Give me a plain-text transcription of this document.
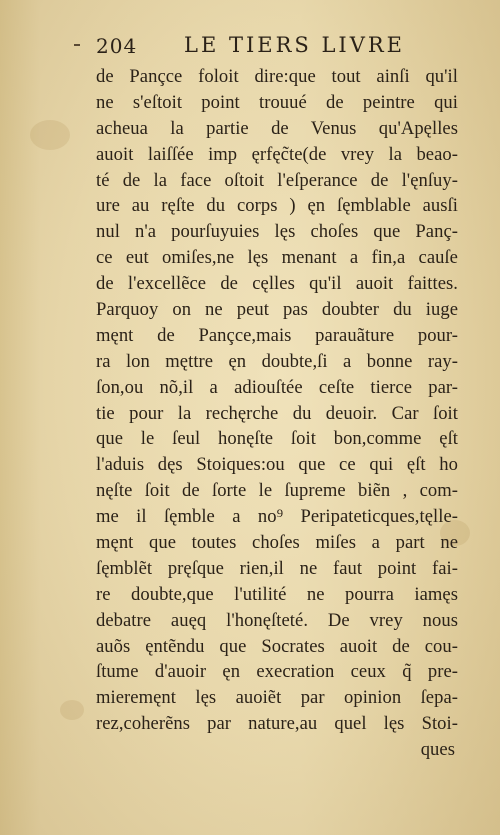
204 LE TIERS LIVRE
de Pançce foloit dire:que tout ainſi qu'il
ne s'eſtoit point trouué de peintre qui
acheua la partie de Venus qu'Apęlles
auoit laiſſée imp ęrfęc̃te(de vrey la beao-
té de la face oſtoit l'eſperance de l'ęnſuy-
ure au ręſte du corps ) ęn ſęmblable ausſi
nul n'a pourſuyuies lęs choſes que Panç-
ce eut omiſes,ne lęs menant a fin,a cauſe
de l'excellẽce de cęlles qu'il auoit faittes.
Parquoy on ne peut pas doubter du iuge
męnt de Pançce,mais parauãture pour-
ra lon męttre ęn doubte,ſi a bonne ray-
ſon,ou nõ,il a adiouſtée ceſte tierce par-
tie pour la rechęrche du deuoir. Car ſoit
que le ſeul honęſte ſoit bon,comme ęſt
l'aduis dęs Stoiques:ou que ce qui ęſt ho
nęſte ſoit de ſorte le ſupreme biẽn , com-
me il ſęmble a no⁹ Peripateticques,tęlle-
męnt que toutes choſes miſes a part ne
ſęmblẽt pręſque rien,il ne faut point fai-
re doubte,que l'utilité ne pourra iamęs
debatre auęq l'honęſteté. De vrey nous
auõs ęntẽndu que Socrates auoit de cou-
ſtume d'auoir ęn execration ceux q̃ pre-
mieremęnt lęs auoiẽt par opinion ſepa-
rez,coherẽns par nature,au quel lęs Stoi-
ques
